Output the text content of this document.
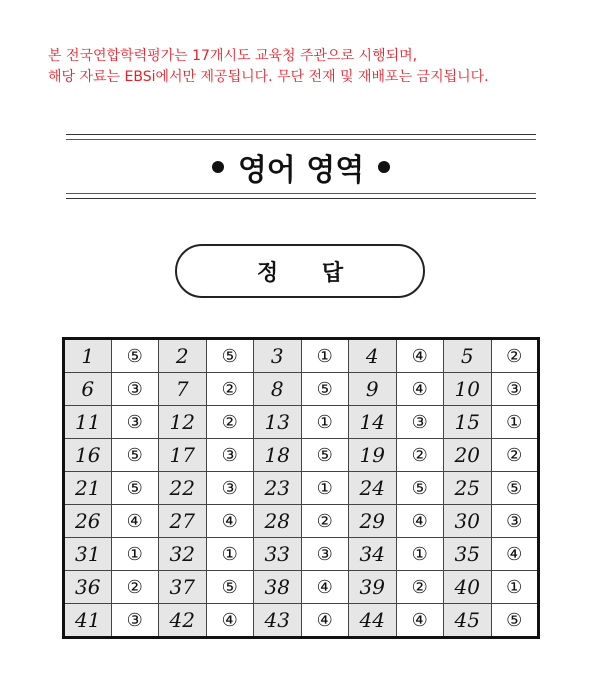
본 전국연합학력평가는 17개시도 교육청 주관으로 시행되며,
해당 자료는 EBSi에서만 제공됩니다. 무단 전재 및 재배포는 금지됩니다.
영어 영역
정 답
1	⑤	2	⑤	3	①	4	④	5	②
6	③	7	②	8	⑤	9	④	10	③
11	③	12	②	13	①	14	③	15	①
16	⑤	17	③	18	⑤	19	②	20	②
21	⑤	22	③	23	①	24	⑤	25	⑤
26	④	27	④	28	②	29	④	30	③
31	①	32	①	33	③	34	①	35	④
36	②	37	⑤	38	④	39	②	40	①
41	③	42	④	43	④	44	④	45	⑤
